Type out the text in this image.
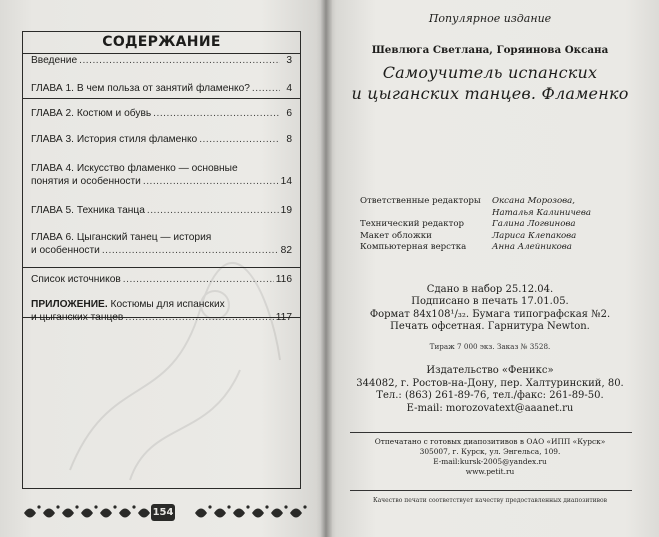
СОДЕРЖАНИЕ
Введение .....	3
ГЛАВА 1. В чем польза от занятий фламенко? .....	4
ГЛАВА 2. Костюм и обувь .....	6
ГЛАВА 3. История стиля фламенко .....	8
ГЛАВА 4. Искусство фламенко — основные
понятия и особенности .....	14
ГЛАВА 5. Техника танца .....	19
ГЛАВА 6. Цыганский танец — история
и особенности .....	82
Список источников .....	116
ПРИЛОЖЕНИЕ. Костюмы для испанских
и цыганских танцев .....	117
154
Популярное издание
Шевлюга Светлана, Горяинова Оксана
Самоучитель испанских
и цыганских танцев. Фламенко
Ответственные редакторы	Оксана Морозова,
Наталья Калиничева
Технический редактор	Галина Логвинова
Макет обложки	Лариса Клепакова
Компьютерная верстка	Анна Алейникова
Сдано в набор 25.12.04.
Подписано в печать 17.01.05.
Формат 84х108¹/₃₂. Бумага типографская №2.
Печать офсетная. Гарнитура Newton.
Тираж 7 000 экз. Заказ № 3528.
Издательство «Феникс»
344082, г. Ростов-на-Дону, пер. Халтуринский, 80.
Тел.: (863) 261-89-76, тел./факс: 261-89-50.
E-mail: morozovatext@aaanet.ru
Отпечатано с готовых диапозитивов в ОАО «ИПП «Курск»
305007, г. Курск, ул. Энгельса, 109.
E-mail:kursk-2005@yandex.ru
www.petit.ru
Качество печати соответствует качеству предоставленных диапозитивов
